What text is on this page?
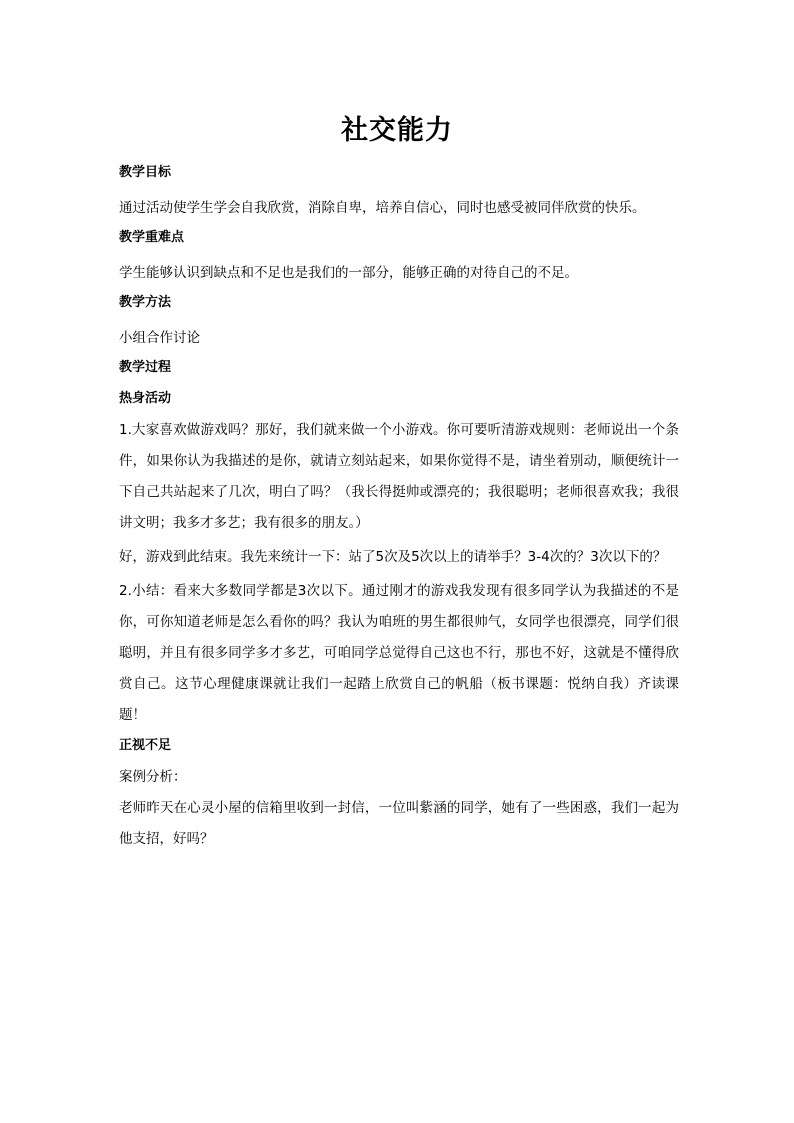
社交能力
教学目标
通过活动使学生学会自我欣赏，消除自卑，培养自信心，同时也感受被同伴欣赏的快乐。
教学重难点
学生能够认识到缺点和不足也是我们的一部分，能够正确的对待自己的不足。
教学方法
小组合作讨论
教学过程
热身活动
1.大家喜欢做游戏吗？那好，我们就来做一个小游戏。你可要听清游戏规则：老师说出一个条件，如果你认为我描述的是你，就请立刻站起来，如果你觉得不是，请坐着别动，顺便统计一下自己共站起来了几次，明白了吗？（我长得挺帅或漂亮的；我很聪明；老师很喜欢我；我很讲文明；我多才多艺；我有很多的朋友。）
好，游戏到此结束。我先来统计一下：站了5次及5次以上的请举手？3-4次的？3次以下的？
2.小结：看来大多数同学都是3次以下。通过刚才的游戏我发现有很多同学认为我描述的不是你，可你知道老师是怎么看你的吗？我认为咱班的男生都很帅气，女同学也很漂亮，同学们很聪明，并且有很多同学多才多艺，可咱同学总觉得自己这也不行，那也不好，这就是不懂得欣赏自己。这节心理健康课就让我们一起踏上欣赏自己的帆船（板书课题：悦纳自我）齐读课题！
正视不足
案例分析：
老师昨天在心灵小屋的信箱里收到一封信，一位叫紫涵的同学，她有了一些困惑，我们一起为他支招，好吗？
